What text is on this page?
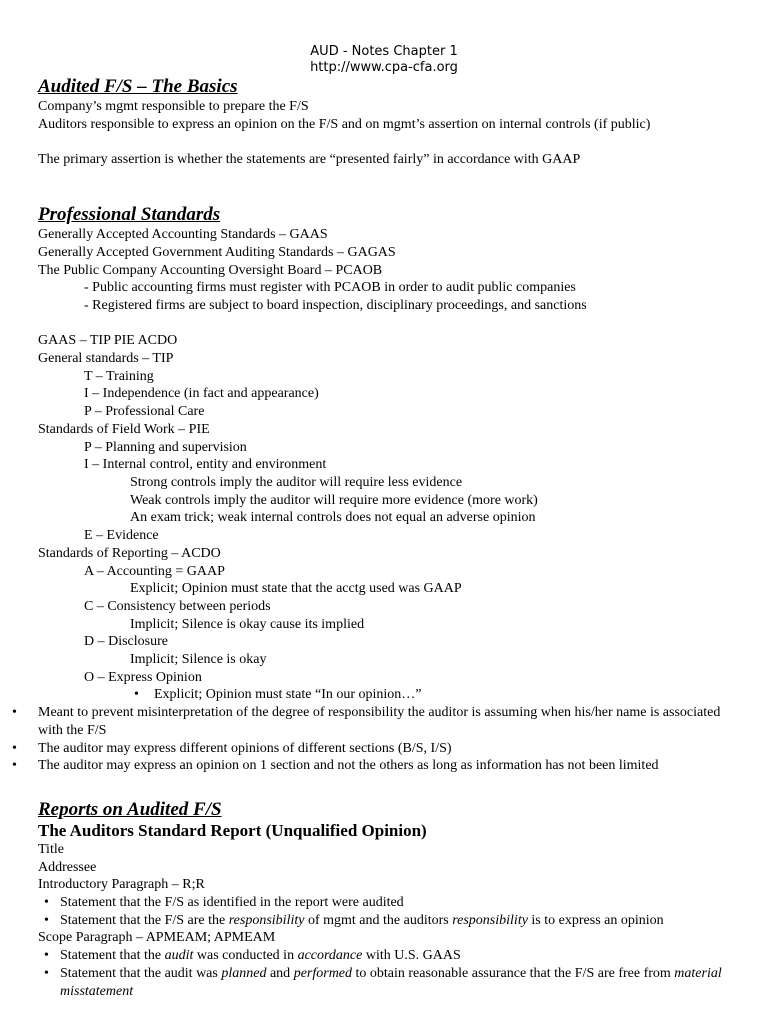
AUD - Notes Chapter 1
http://www.cpa-cfa.org
Audited F/S – The Basics
Company’s mgmt responsible to prepare the F/S
Auditors responsible to express an opinion on the F/S and on mgmt’s assertion on internal controls (if public)
The primary assertion is whether the statements are “presented fairly” in accordance with GAAP
Professional Standards
Generally Accepted Accounting Standards – GAAS
Generally Accepted Government Auditing Standards – GAGAS
The Public Company Accounting Oversight Board – PCAOB
- Public accounting firms must register with PCAOB in order to audit public companies
- Registered firms are subject to board inspection, disciplinary proceedings, and sanctions
GAAS – TIP PIE ACDO
General standards – TIP
T – Training
I – Independence (in fact and appearance)
P – Professional Care
Standards of Field Work – PIE
P – Planning and supervision
I – Internal control, entity and environment
Strong controls imply the auditor will require less evidence
Weak controls imply the auditor will require more evidence (more work)
An exam trick; weak internal controls does not equal an adverse opinion
E – Evidence
Standards of Reporting – ACDO
A – Accounting = GAAP
Explicit; Opinion must state that the acctg used was GAAP
C – Consistency between periods
Implicit; Silence is okay cause its implied
D – Disclosure
Implicit; Silence is okay
O – Express Opinion
• Explicit; Opinion must state “In our opinion…”
• Meant to prevent misinterpretation of the degree of responsibility the auditor is assuming when his/her name is associated with the F/S
• The auditor may express different opinions of different sections (B/S, I/S)
• The auditor may express an opinion on 1 section and not the others as long as information has not been limited
Reports on Audited F/S
The Auditors Standard Report (Unqualified Opinion)
Title
Addressee
Introductory Paragraph – R;R
• Statement that the F/S as identified in the report were audited
• Statement that the F/S are the responsibility of mgmt and the auditors responsibility is to express an opinion
Scope Paragraph – APMEAM; APMEAM
• Statement that the audit was conducted in accordance with U.S. GAAS
• Statement that the audit was planned and performed to obtain reasonable assurance that the F/S are free from material misstatement
